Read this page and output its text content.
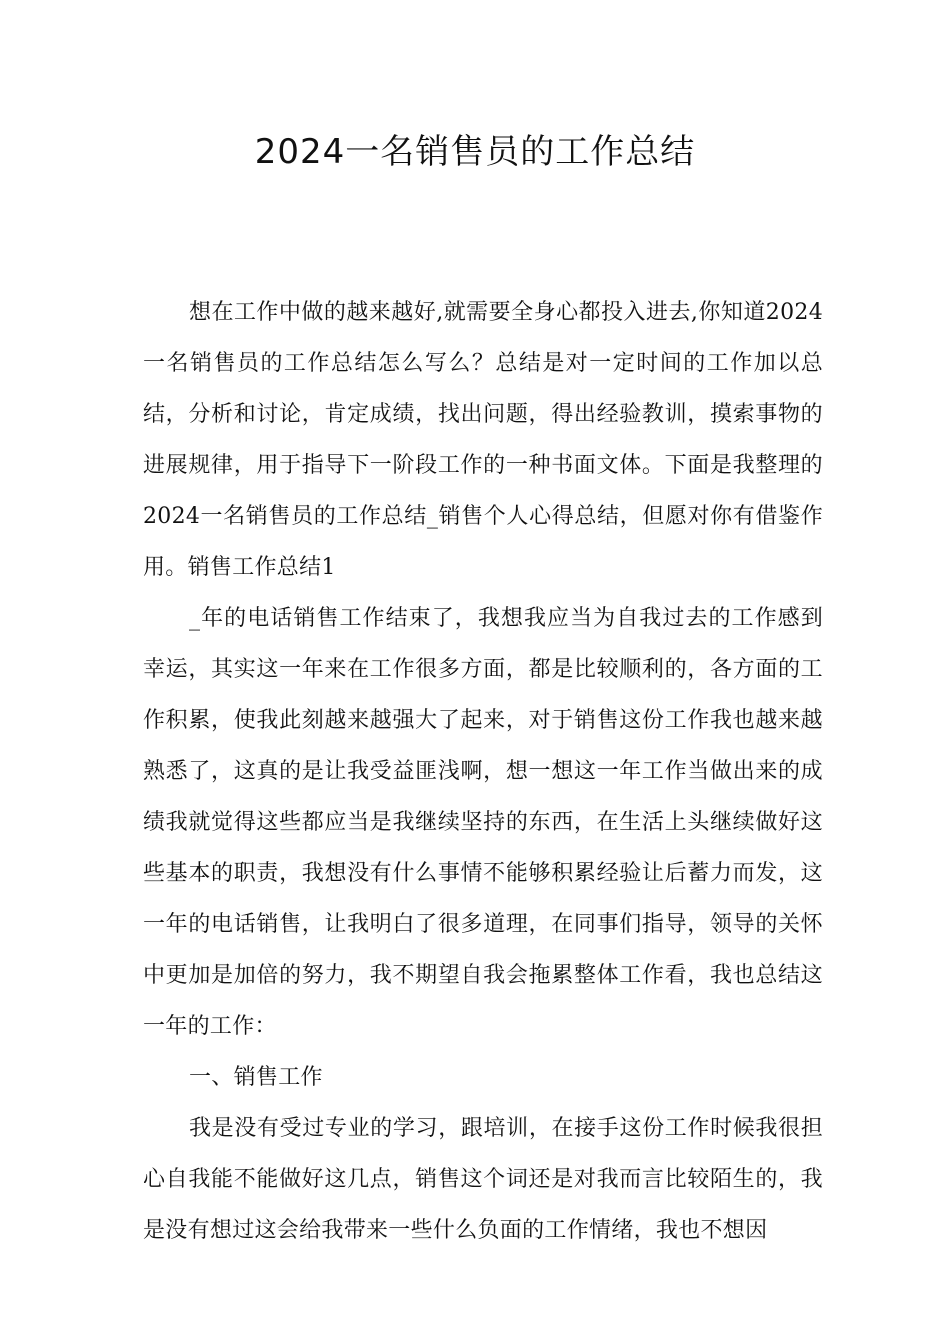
2024一名销售员的工作总结

想在工作中做的越来越好,就需要全身心都投入进去,你知道2024一名销售员的工作总结怎么写么？总结是对一定时间的工作加以总结，分析和讨论，肯定成绩，找出问题，得出经验教训，摸索事物的进展规律，用于指导下一阶段工作的一种书面文体。下面是我整理的2024一名销售员的工作总结_销售个人心得总结，但愿对你有借鉴作用。销售工作总结1

_年的电话销售工作结束了，我想我应当为自我过去的工作感到幸运，其实这一年来在工作很多方面，都是比较顺利的，各方面的工作积累，使我此刻越来越强大了起来，对于销售这份工作我也越来越熟悉了，这真的是让我受益匪浅啊，想一想这一年工作当做出来的成绩我就觉得这些都应当是我继续坚持的东西，在生活上头继续做好这些基本的职责，我想没有什么事情不能够积累经验让后蓄力而发，这一年的电话销售，让我明白了很多道理，在同事们指导，领导的关怀中更加是加倍的努力，我不期望自我会拖累整体工作看，我也总结这一年的工作：

一、销售工作

我是没有受过专业的学习，跟培训，在接手这份工作时候我很担心自我能不能做好这几点，销售这个词还是对我而言比较陌生的，我是没有想过这会给我带来一些什么负面的工作情绪，我也不想因
